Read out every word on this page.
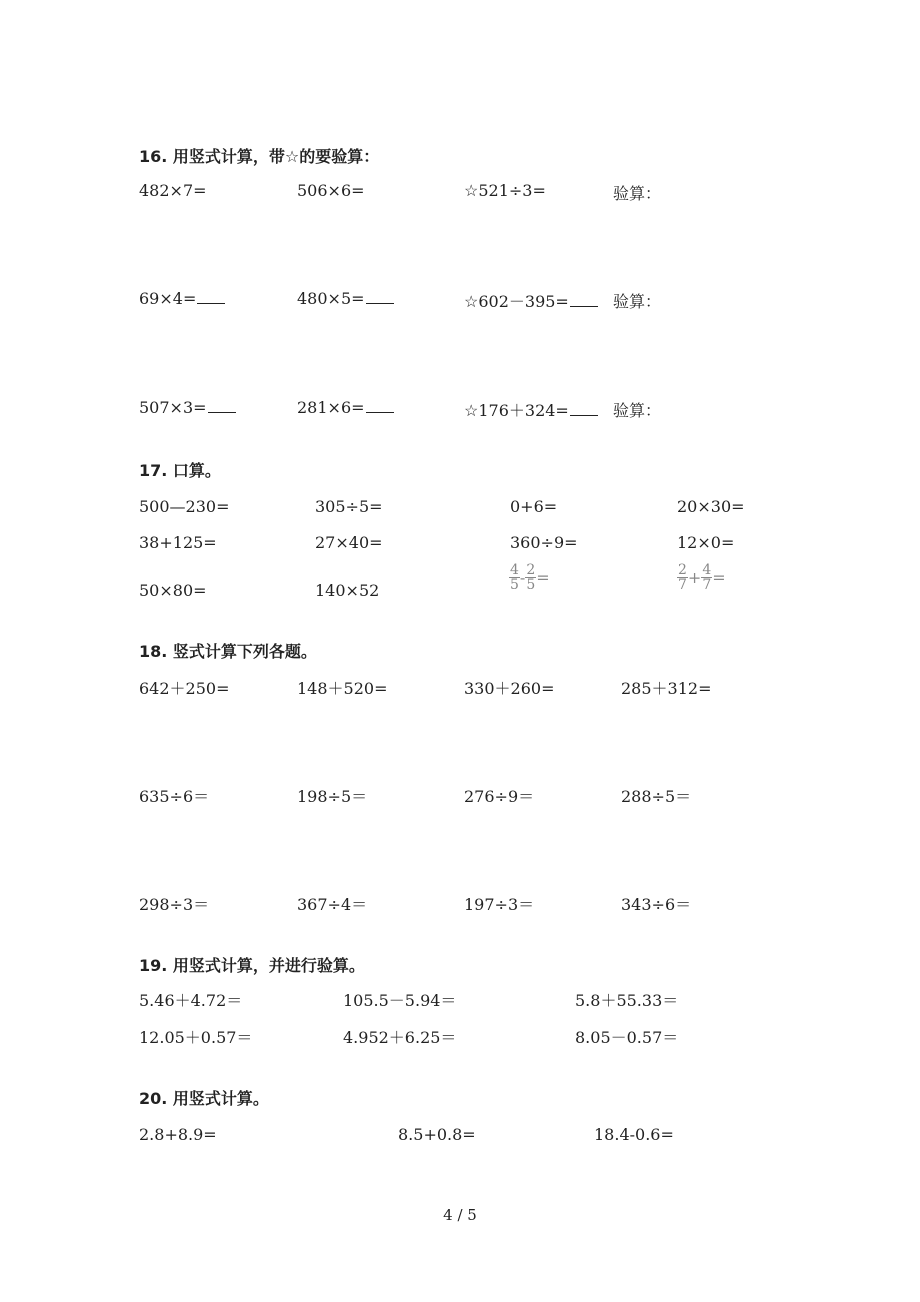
16. 用竖式计算，带☆的要验算：
482×7=	506×6=	☆521÷3=	验算：
69×4=	480×5=	☆602－395=	验算：
507×3=	281×6=	☆176＋324=	验算：
17. 口算。
500—230=	305÷5=	0+6=	20×30=
38+125=	27×40=	360÷9=	12×0=
50×80=	140×52	$\frac{4}{5} - \frac{2}{5}$ =	$\frac{2}{7} + \frac{4}{7}$ =
18. 竖式计算下列各题。
642＋250=	148＋520=	330＋260=	285＋312=
635÷6＝	198÷5＝	276÷9＝	288÷5＝
298÷3＝	367÷4＝	197÷3＝	343÷6＝
19. 用竖式计算，并进行验算。
5.46＋4.72＝	105.5－5.94＝	5.8＋55.33＝
12.05＋0.57＝	4.952＋6.25＝	8.05－0.57＝
20. 用竖式计算。
2.8+8.9=	8.5+0.8=	18.4-0.6=
4 / 5
